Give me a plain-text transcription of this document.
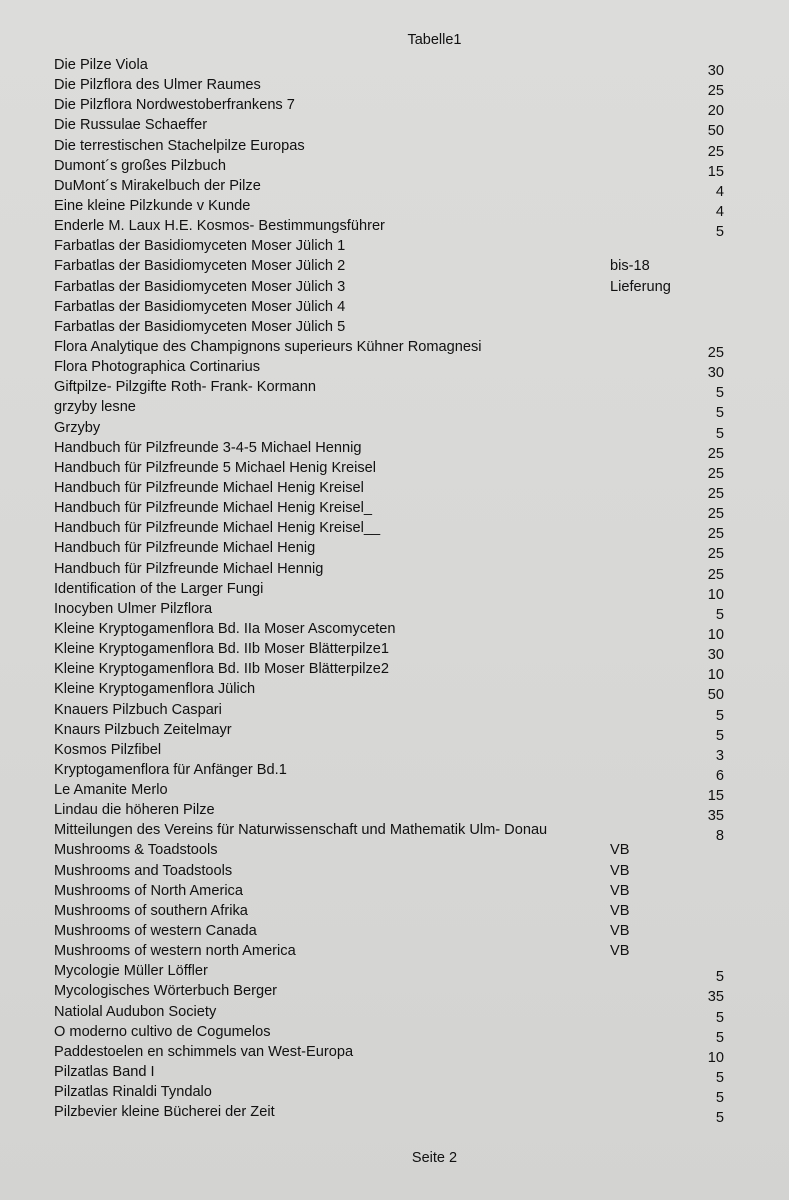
Tabelle1
Die Pilze Viola	30
Die Pilzflora des Ulmer Raumes	25
Die Pilzflora Nordwestoberfrankens 7	20
Die Russulae Schaeffer	50
Die terrestischen Stachelpilze Europas	25
Dumont´s großes Pilzbuch	15
DuMont´s Mirakelbuch der Pilze	4
Eine kleine Pilzkunde v Kunde	4
Enderle M. Laux H.E. Kosmos- Bestimmungsführer	5
Farbatlas der Basidiomyceten Moser Jülich 1
Farbatlas der Basidiomyceten Moser Jülich 2	bis-18
Farbatlas der Basidiomyceten Moser Jülich 3	Lieferung
Farbatlas der Basidiomyceten Moser Jülich 4
Farbatlas der Basidiomyceten Moser Jülich 5
Flora Analytique des Champignons superieurs Kühner Romagnesi	25
Flora Photographica Cortinarius	30
Giftpilze- Pilzgifte Roth- Frank- Kormann	5
grzyby lesne	5
Grzyby	5
Handbuch für Pilzfreunde 3-4-5 Michael Hennig	25
Handbuch für Pilzfreunde 5 Michael Henig Kreisel	25
Handbuch für Pilzfreunde Michael Henig Kreisel	25
Handbuch für Pilzfreunde Michael Henig Kreisel_	25
Handbuch für Pilzfreunde Michael Henig Kreisel__	25
Handbuch für Pilzfreunde Michael Henig	25
Handbuch für Pilzfreunde Michael Hennig	25
Identification of the Larger Fungi	10
Inocyben Ulmer Pilzflora	5
Kleine Kryptogamenflora Bd. IIa Moser Ascomyceten	10
Kleine Kryptogamenflora Bd. IIb Moser Blätterpilze1	30
Kleine Kryptogamenflora Bd. IIb Moser Blätterpilze2	10
Kleine Kryptogamenflora Jülich	50
Knauers Pilzbuch Caspari	5
Knaurs Pilzbuch Zeitelmayr	5
Kosmos Pilzfibel	3
Kryptogamenflora für Anfänger Bd.1	6
Le Amanite Merlo	15
Lindau die höheren Pilze	35
Mitteilungen des Vereins für Naturwissenschaft und Mathematik Ulm- Donau	8
Mushrooms & Toadstools	VB
Mushrooms and Toadstools	VB
Mushrooms of North America	VB
Mushrooms of southern Afrika	VB
Mushrooms of western Canada	VB
Mushrooms of western north America	VB
Mycologie Müller Löffler	5
Mycologisches Wörterbuch Berger	35
Natiolal Audubon Society	5
O moderno cultivo de Cogumelos	5
Paddestoelen en schimmels van West-Europa	10
Pilzatlas Band I	5
Pilzatlas Rinaldi Tyndalo	5
Pilzbevier kleine Bücherei der Zeit	5
Seite 2
